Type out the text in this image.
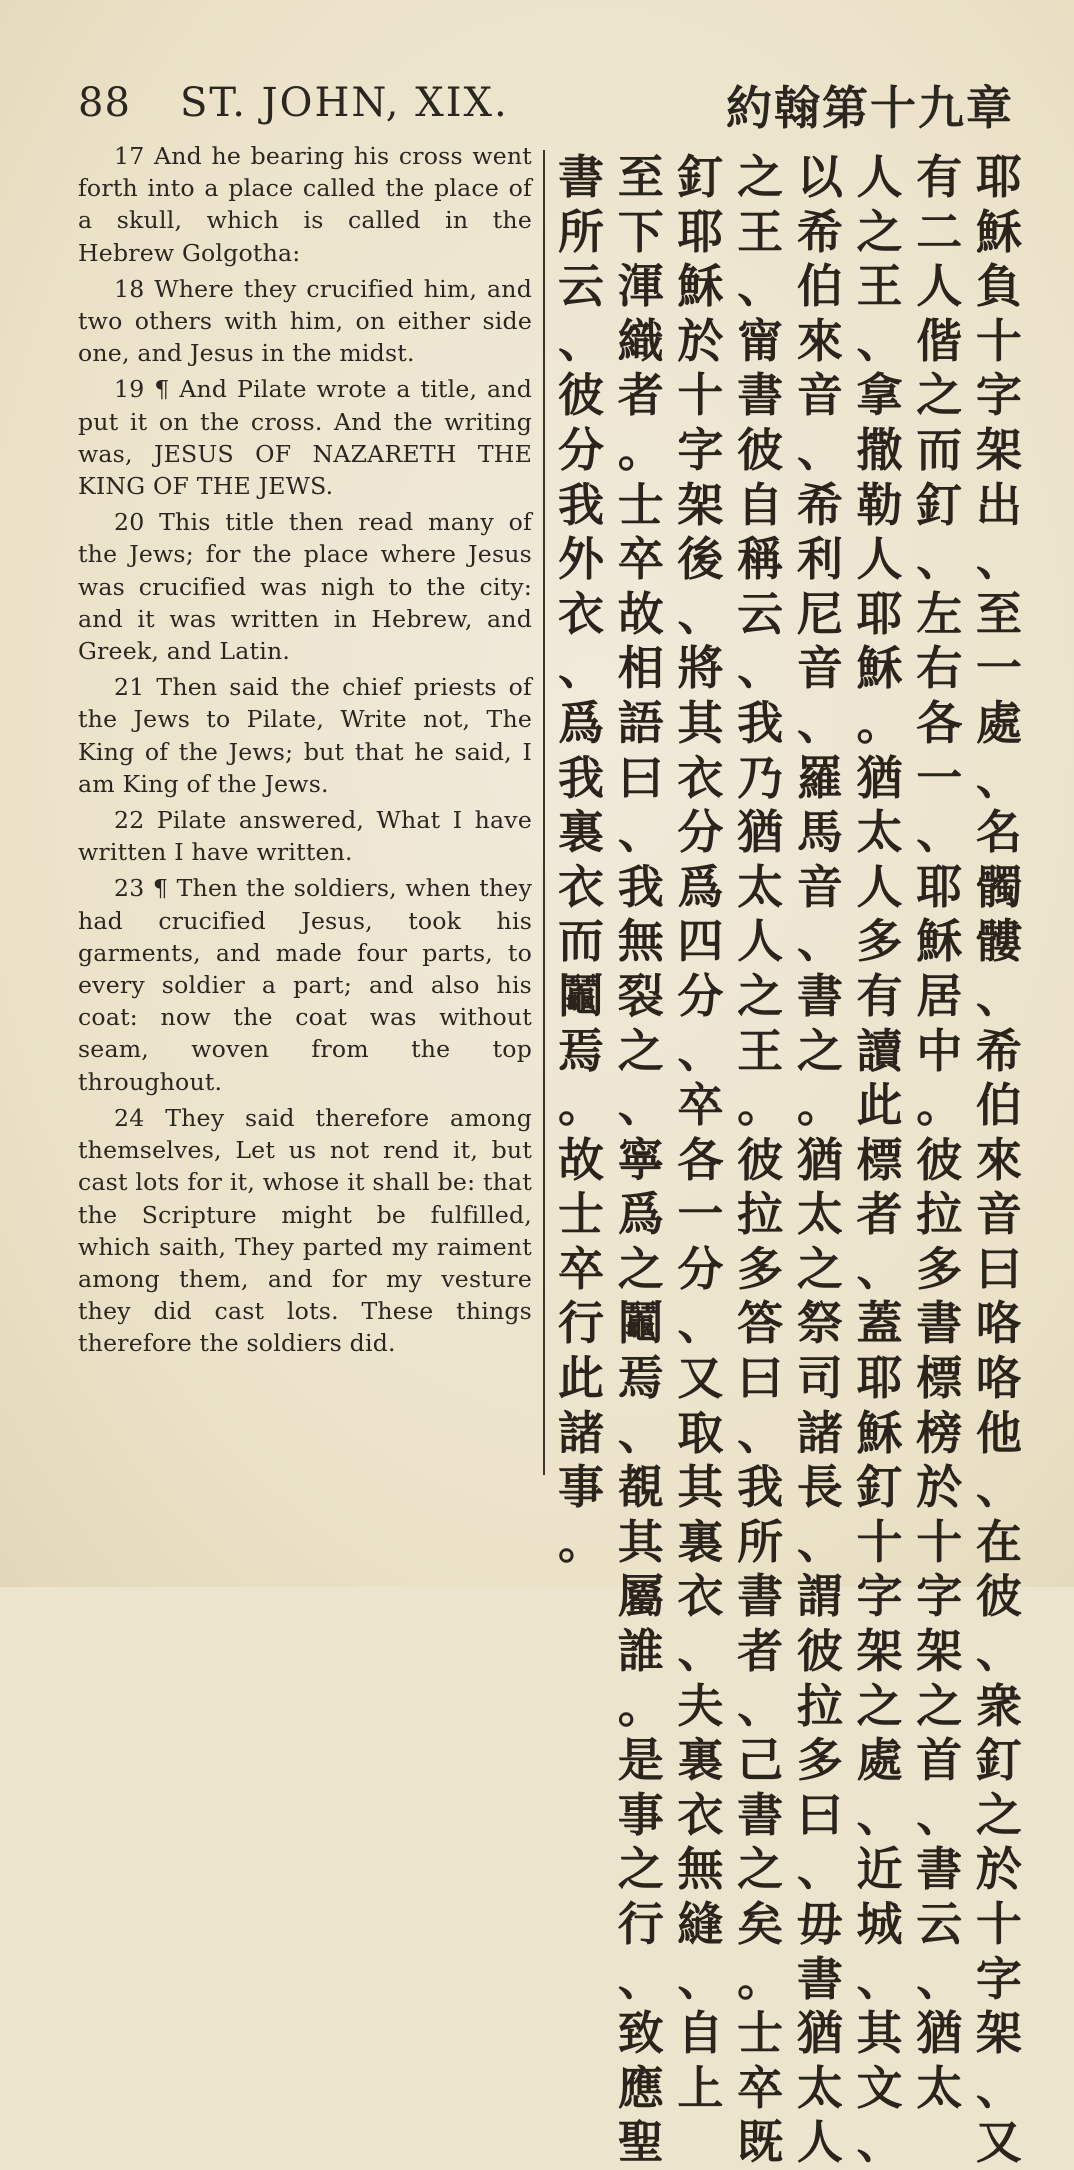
88 ST. JOHN, XIX.	約翰第十九章

17 And he bearing his cross went forth into a place called the place of a skull, which is called in the Hebrew Golgotha:

18 Where they crucified him, and two others with him, on either side one, and Jesus in the midst.

19 ¶ And Pilate wrote a title, and put it on the cross. And the writing was, JESUS OF NAZARETH THE KING OF THE JEWS.

20 This title then read many of the Jews; for the place where Jesus was crucified was nigh to the city: and it was written in Hebrew, and Greek, and Latin.

21 Then said the chief priests of the Jews to Pilate, Write not, The King of the Jews; but that he said, I am King of the Jews.

22 Pilate answered, What I have written I have written.

23 ¶ Then the soldiers, when they had crucified Jesus, took his garments, and made four parts, to every soldier a part; and also his coat: now the coat was without seam, woven from the top throughout.

24 They said therefore among themselves, Let us not rend it, but cast lots for it, whose it shall be: that the Scripture might be fulfilled, which saith, They parted my raiment among them, and for my vesture they did cast lots. These things therefore the soldiers did.

耶
穌
負
十
字
架
出
、
至
一
處
、
名
髑
髏
、
希
伯
來
音
曰
咯
咯
他
、
在
彼
、
衆
釘
之
於
十
字
架
、
又
有
二
人
偕
之
而
釘
、
左
右
各
一
、
耶
穌
居
中
。
彼
拉
多
書
標
榜
於
十
字
架
之
首
、
書
云
、
猶
太
人
之
王
、
拿
撒
勒
人
耶
穌
。
猶
太
人
多
有
讀
此
標
者
、
蓋
耶
穌
釘
十
字
架
之
處
、
近
城
、
其
文
、
以
希
伯
來
音
、
希
利
尼
音
、
羅
馬
音
、
書
之
。
猶
太
之
祭
司
諸
長
、
謂
彼
拉
多
曰
、
毋
書
猶
太
人
之
王
、
甯
書
彼
自
稱
云
、
我
乃
猶
太
人
之
王
。
彼
拉
多
答
曰
、
我
所
書
者
、
己
書
之
矣
。
士
卒
既
釘
耶
穌
於
十
字
架
後
、
將
其
衣
分
爲
四
分
、
卒
各
一
分
、
又
取
其
裏
衣
、
夫
裏
衣
無
縫
、
自
上
至
下
渾
織
者
。
士
卒
故
相
語
曰
、
我
無
裂
之
、
寧
爲
之
鬮
焉
、
覩
其
屬
誰
。
是
事
之
行
、
致
應
聖
書
所
云
、
彼
分
我
外
衣
、
爲
我
裏
衣
而
鬮
焉
。
故
士
卒
行
此
諸
事
。
